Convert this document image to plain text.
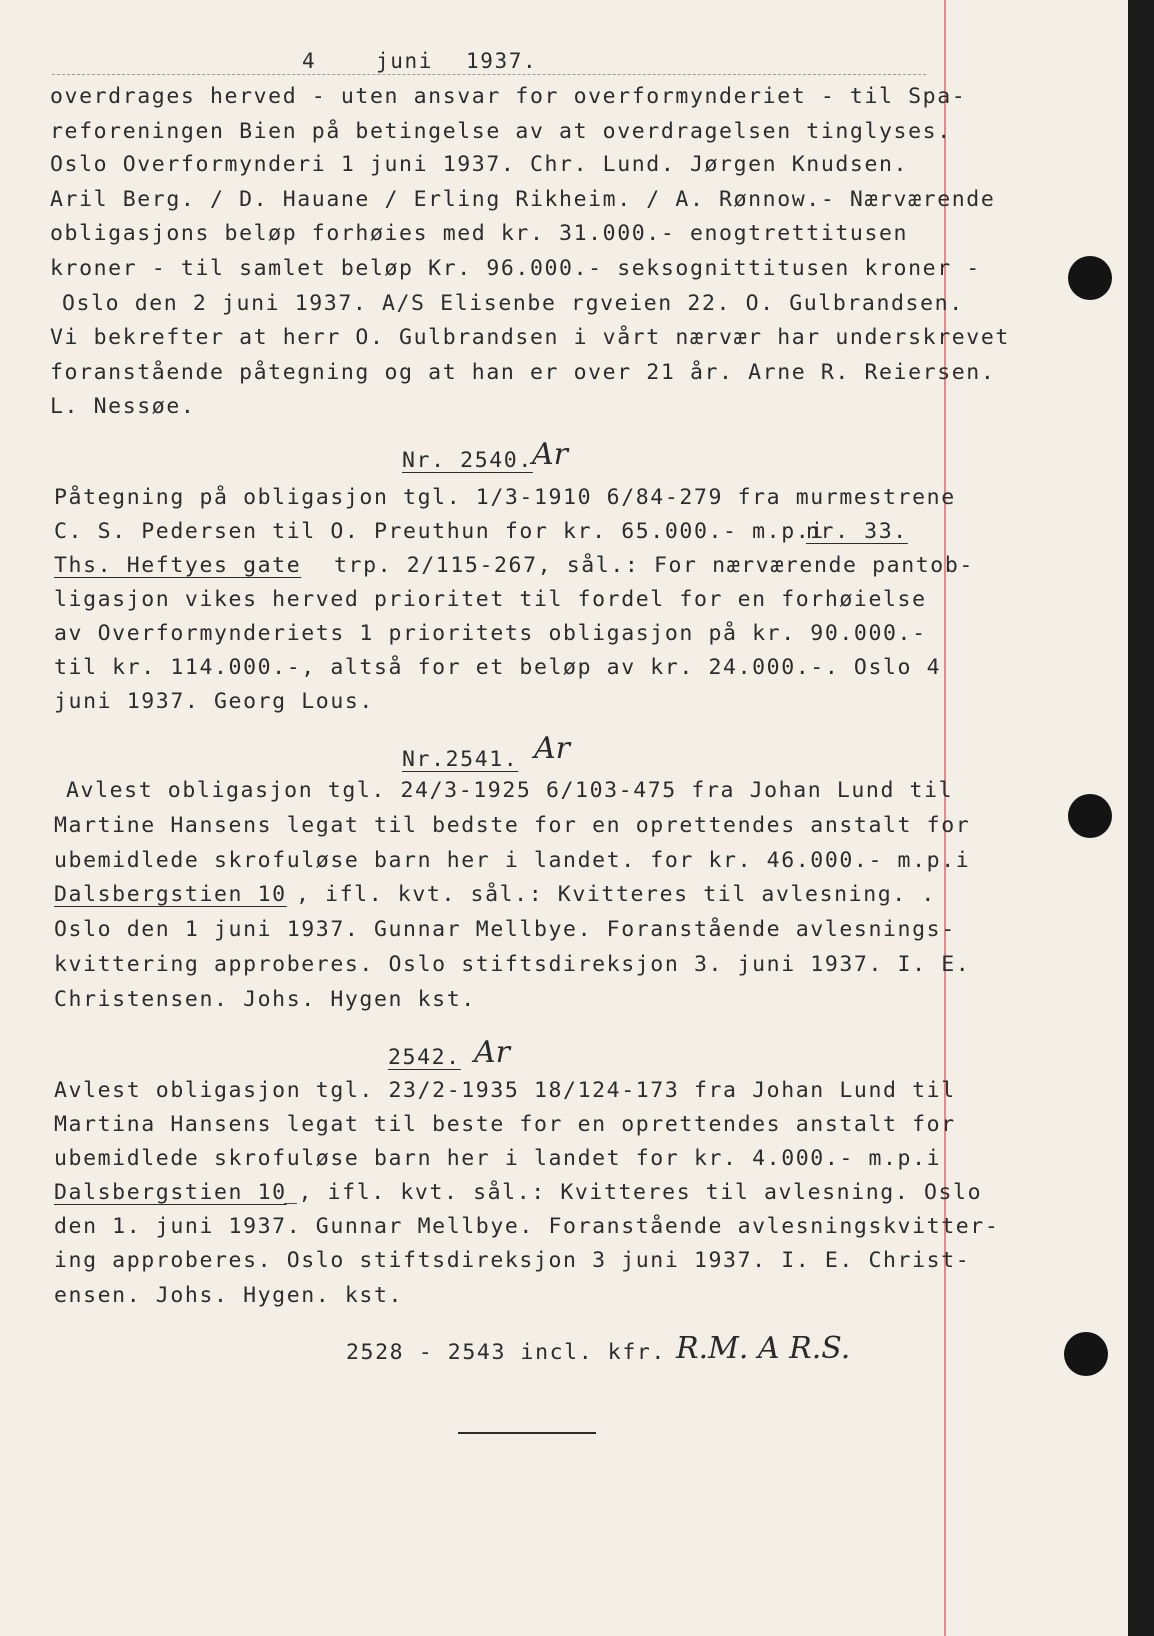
4	juni 1937.
overdrages herved - uten ansvar for overformynderiet - til Spa-
reforeningen Bien på betingelse av at overdragelsen tinglyses.
Oslo Overformynderi 1 juni 1937. Chr. Lund. Jørgen Knudsen.
Aril Berg. / D. Hauane / Erling Rikheim. / A. Rønnow.- Nærværende
obligasjons beløp forhøies med kr. 31.000.- enogtrettitusen
kroner - til samlet beløp Kr. 96.000.- seksognittitusen kroner -
Oslo den 2 juni 1937. A/S Elisenbe rgveien 22. O. Gulbrandsen.
Vi bekrefter at herr O. Gulbrandsen i vårt nærvær har underskrevet
foranstående påtegning og at han er over 21 år. Arne R. Reiersen.
L. Nessøe.
Nr. 2540. Ar
Påtegning på obligasjon tgl. 1/3-1910 6/84-279 fra murmestrene
C. S. Pedersen til O. Preuthun for kr. 65.000.- m.p.i
nr. 33.
Ths. Heftyes gate trp. 2/115-267, sål.: For nærværende pantob-
ligasjon vikes herved prioritet til fordel for en forhøielse
av Overformynderiets 1 prioritets obligasjon på kr. 90.000.-
til kr. 114.000.-, altså for et beløp av kr. 24.000.-. Oslo 4
juni 1937. Georg Lous.
Nr.2541. Ar
Avlest obligasjon tgl. 24/3-1925 6/103-475 fra Johan Lund til
Martine Hansens legat til bedste for en oprettendes anstalt for
ubemidlede skrofuløse barn her i landet. for kr. 46.000.- m.p.i
Dalsbergstien 10 , ifl. kvt. sål.: Kvitteres til avlesning. .
Oslo den 1 juni 1937. Gunnar Mellbye. Foranstående avlesnings-
kvittering approberes. Oslo stiftsdireksjon 3. juni 1937. I. E.
Christensen. Johs. Hygen kst.
2542. Ar
Avlest obligasjon tgl. 23/2-1935 18/124-173 fra Johan Lund til
Martina Hansens legat til beste for en oprettendes anstalt for
ubemidlede skrofuløse barn her i landet for kr. 4.000.- m.p.i
Dalsbergstien 10
_, ifl. kvt. sål.: Kvitteres til avlesning. Oslo
den 1. juni 1937. Gunnar Mellbye. Foranstående avlesningskvitter-
ing approberes. Oslo stiftsdireksjon 3 juni 1937. I. E. Christ-
ensen. Johs. Hygen. kst.
2528 - 2543 incl. kfr. R.M. A R.S.
